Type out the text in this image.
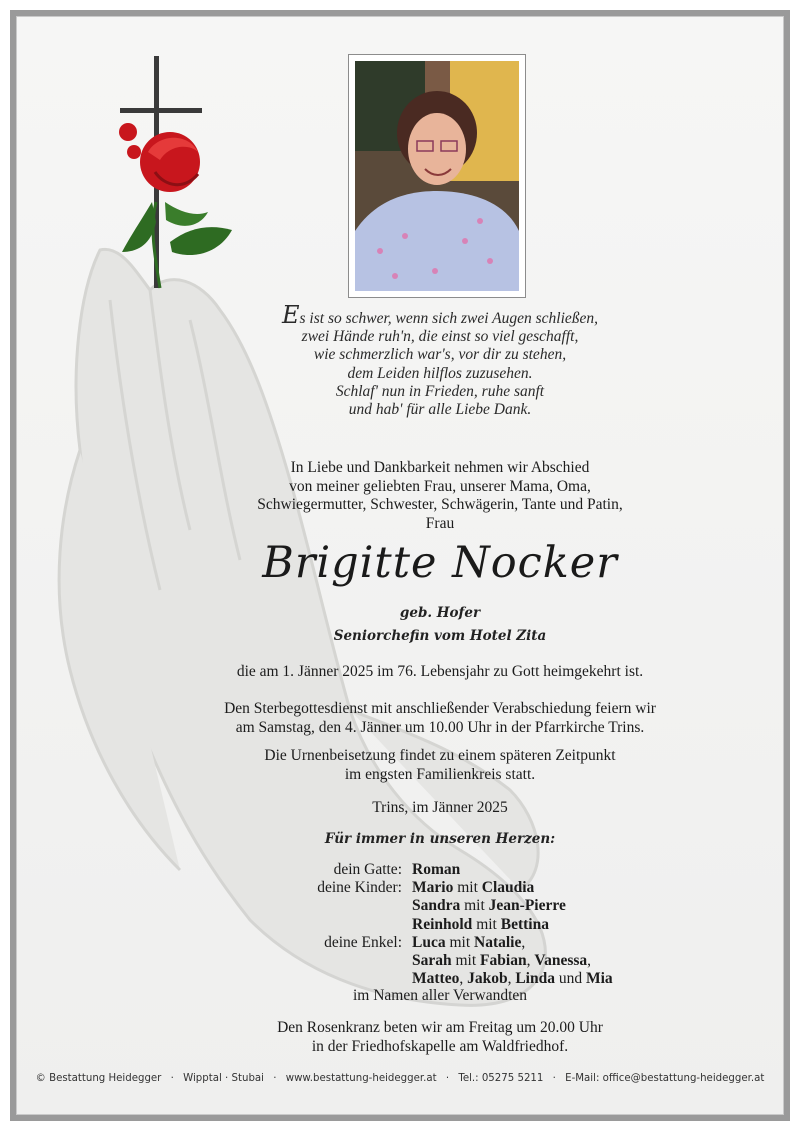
Es ist so schwer, wenn sich zwei Augen schließen,
zwei Hände ruh'n, die einst so viel geschafft,
wie schmerzlich war's, vor dir zu stehen,
dem Leiden hilflos zuzusehen.
Schlaf' nun in Frieden, ruhe sanft
und hab' für alle Liebe Dank.
In Liebe und Dankbarkeit nehmen wir Abschied
von meiner geliebten Frau, unserer Mama, Oma,
Schwiegermutter, Schwester, Schwägerin, Tante und Patin,
Frau
Brigitte Nocker
geb. Hofer
Seniorchefin vom Hotel Zita
die am 1. Jänner 2025 im 76. Lebensjahr zu Gott heimgekehrt ist.
Den Sterbegottesdienst mit anschließender Verabschiedung feiern wir
am Samstag, den 4. Jänner um 10.00 Uhr in der Pfarrkirche Trins.
Die Urnenbeisetzung findet zu einem späteren Zeitpunkt
im engsten Familienkreis statt.
Trins, im Jänner 2025
Für immer in unseren Herzen:
dein Gatte: Roman
deine Kinder: Mario mit Claudia
Sandra mit Jean-Pierre
Reinhold mit Bettina
deine Enkel: Luca mit Natalie,
Sarah mit Fabian, Vanessa,
Matteo, Jakob, Linda und Mia
im Namen aller Verwandten
Den Rosenkranz beten wir am Freitag um 20.00 Uhr
in der Friedhofskapelle am Waldfriedhof.
© Bestattung Heidegger · Wipptal · Stubai · www.bestattung-heidegger.at · Tel.: 05275 5211 · E-Mail: office@bestattung-heidegger.at
